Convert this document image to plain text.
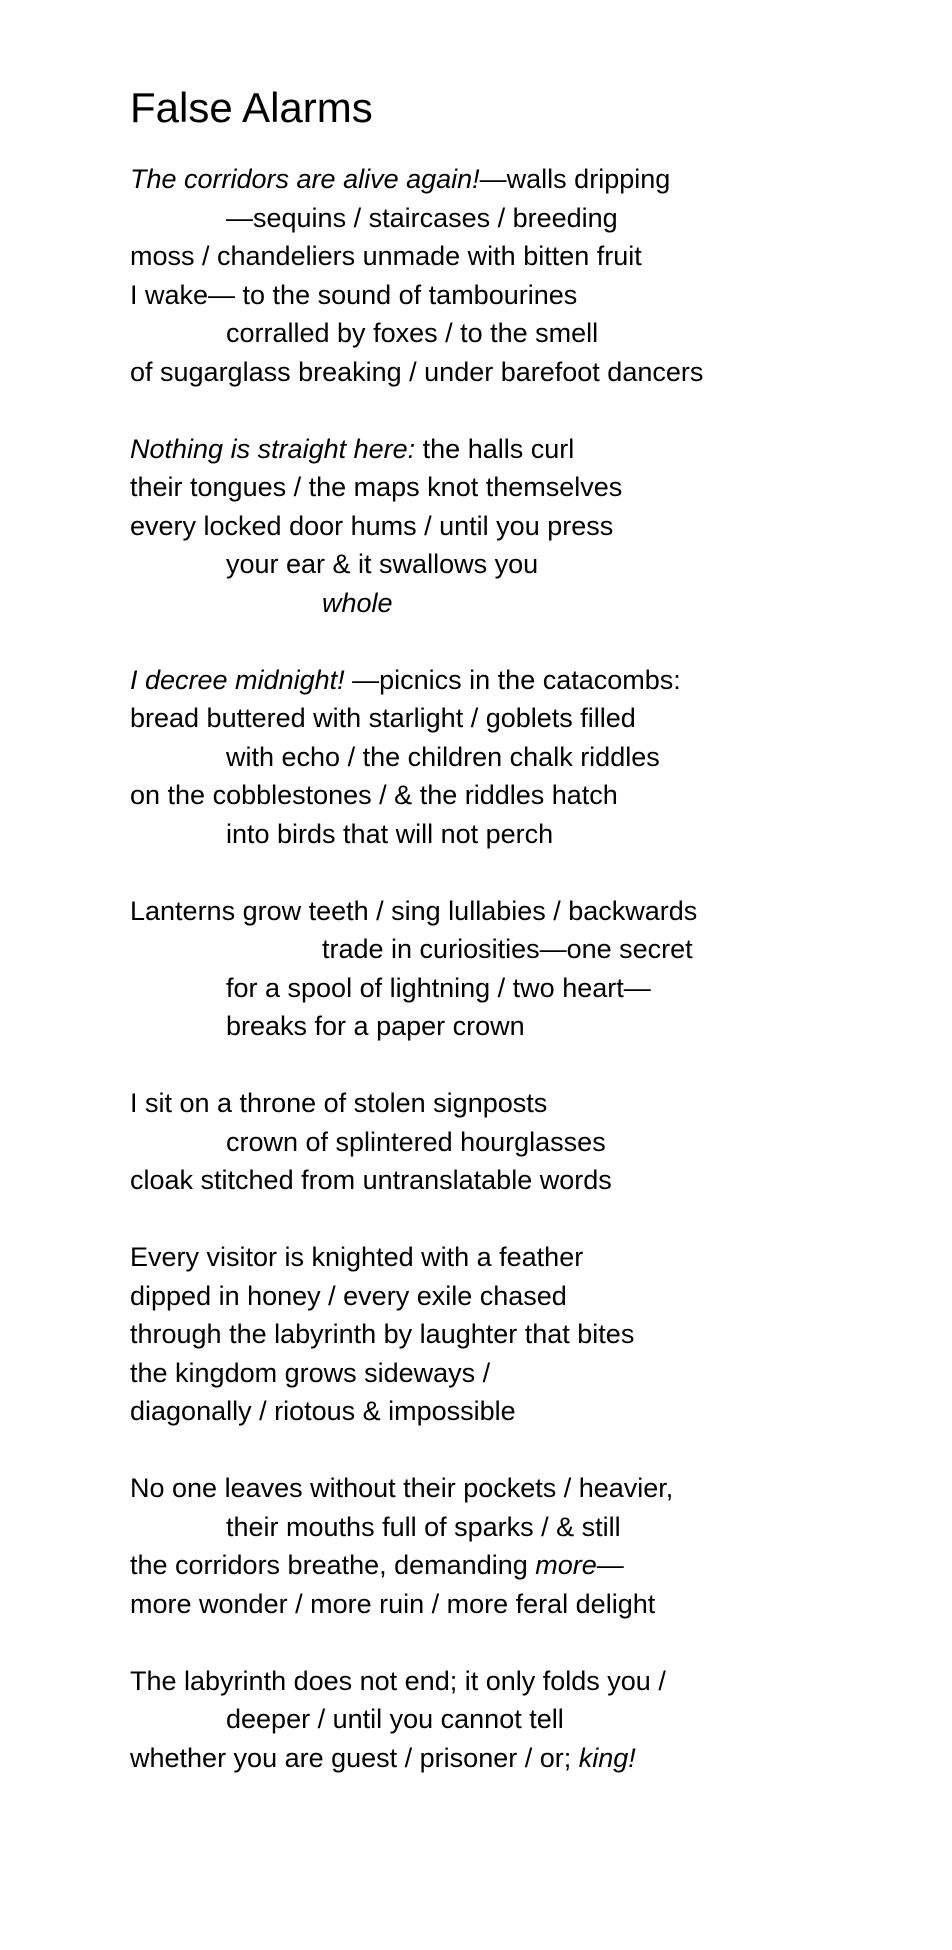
False Alarms
The corridors are alive again!—walls dripping
—sequins / staircases / breeding
moss / chandeliers unmade with bitten fruit
I wake— to the sound of tambourines
corralled by foxes / to the smell
of sugarglass breaking / under barefoot dancers
Nothing is straight here: the halls curl
their tongues / the maps knot themselves
every locked door hums / until you press
your ear & it swallows you
whole
I decree midnight! —picnics in the catacombs:
bread buttered with starlight / goblets filled
with echo / the children chalk riddles
on the cobblestones / & the riddles hatch
into birds that will not perch
Lanterns grow teeth / sing lullabies / backwards
trade in curiosities—one secret
for a spool of lightning / two heart—
breaks for a paper crown
I sit on a throne of stolen signposts
crown of splintered hourglasses
cloak stitched from untranslatable words
Every visitor is knighted with a feather
dipped in honey / every exile chased
through the labyrinth by laughter that bites
the kingdom grows sideways /
diagonally / riotous & impossible
No one leaves without their pockets / heavier,
their mouths full of sparks / & still
the corridors breathe, demanding more—
more wonder / more ruin / more feral delight
The labyrinth does not end; it only folds you /
deeper / until you cannot tell
whether you are guest / prisoner / or; king!
